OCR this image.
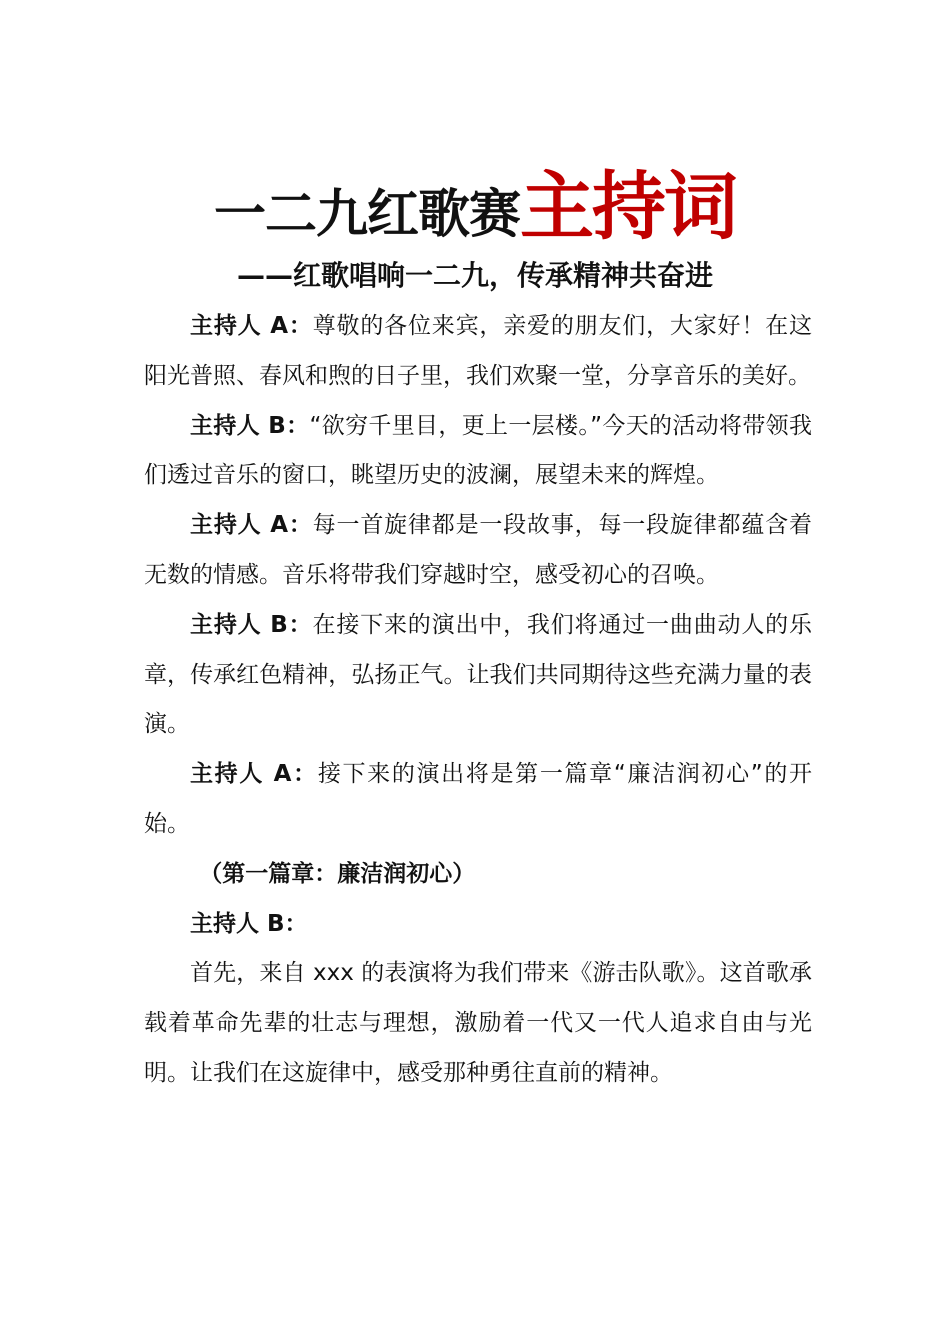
一二九红歌赛主持词
——红歌唱响一二九，传承精神共奋进

主持人 A：尊敬的各位来宾，亲爱的朋友们，大家好！在这阳光普照、春风和煦的日子里，我们欢聚一堂，分享音乐的美好。

主持人 B：“欲穷千里目，更上一层楼。”今天的活动将带领我们透过音乐的窗口，眺望历史的波澜，展望未来的辉煌。

主持人 A：每一首旋律都是一段故事，每一段旋律都蕴含着无数的情感。音乐将带我们穿越时空，感受初心的召唤。

主持人 B：在接下来的演出中，我们将通过一曲曲动人的乐章，传承红色精神，弘扬正气。让我们共同期待这些充满力量的表演。

主持人 A：接下来的演出将是第一篇章“廉洁润初心”的开始。

（第一篇章：廉洁润初心）

主持人 B：

首先，来自 xxx 的表演将为我们带来《游击队歌》。这首歌承载着革命先辈的壮志与理想，激励着一代又一代人追求自由与光明。让我们在这旋律中，感受那种勇往直前的精神。
